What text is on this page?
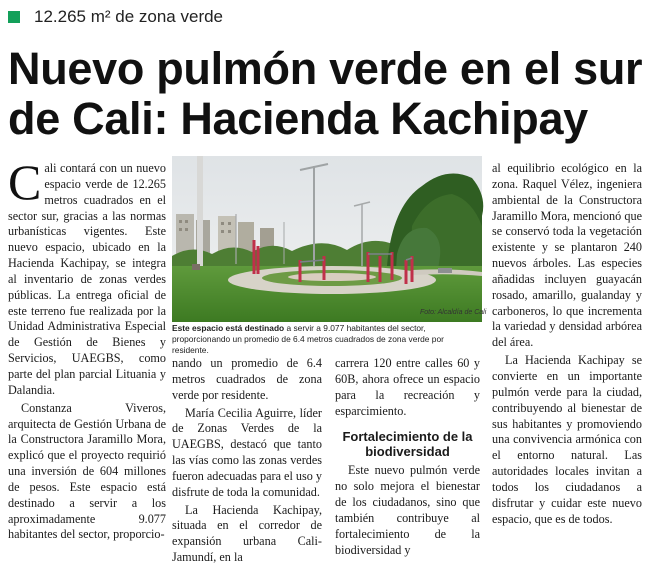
12.265 m² de zona verde
Nuevo pulmón verde en el sur
de Cali: Hacienda Kachipay
C ali contará con un nuevo espacio verde de 12.265 metros cuadrados en el sector sur, gracias a las normas urbanísticas vigentes. Este nuevo espacio, ubicado en la Hacienda Kachipay, se integra al inventario de zonas verdes públicas. La entrega oficial de este terreno fue realizada por la Unidad Administrativa Especial de Gestión de Bienes y Servicios, UAEGBS, como parte del plan parcial Lituania y Dalandia.

Constanza Viveros, arquitecta de Gestión Urbana de la Constructora Jaramillo Mora, explicó que el proyecto requirió una inversión de 604 millones de pesos. Este espacio está destinado a servir a los aproximadamente 9.077 habitantes del sector, proporcio-

Foto: Alcaldía de Cali
Este espacio está destinado a servir a 9.077 habitantes del sector, proporcionando un promedio de 6.4 metros cuadrados de zona verde por residente.

nando un promedio de 6.4 metros cuadrados de zona verde por residente.

María Cecilia Aguirre, líder de Zonas Verdes de la UAEGBS, destacó que tanto las vías como las zonas verdes fueron adecuadas para el uso y disfrute de toda la comunidad.

La Hacienda Kachipay, situada en el corredor de expansión urbana Cali-Jamundí, en la

carrera 120 entre calles 60 y 60B, ahora ofrece un espacio para la recreación y esparcimiento.

Fortalecimiento de la biodiversidad

Este nuevo pulmón verde no solo mejora el bienestar de los ciudadanos, sino que también contribuye al fortalecimiento de la biodiversidad y

al equilibrio ecológico en la zona. Raquel Vélez, ingeniera ambiental de la Constructora Jaramillo Mora, mencionó que se conservó toda la vegetación existente y se plantaron 240 nuevos árboles. Las especies añadidas incluyen guayacán rosado, amarillo, gualanday y carboneros, lo que incrementa la variedad y densidad arbórea del área.

La Hacienda Kachipay se convierte en un importante pulmón verde para la ciudad, contribuyendo al bienestar de sus habitantes y promoviendo una convivencia armónica con el entorno natural. Las autoridades locales invitan a todos los ciudadanos a disfrutar y cuidar este nuevo espacio, que es de todos.
